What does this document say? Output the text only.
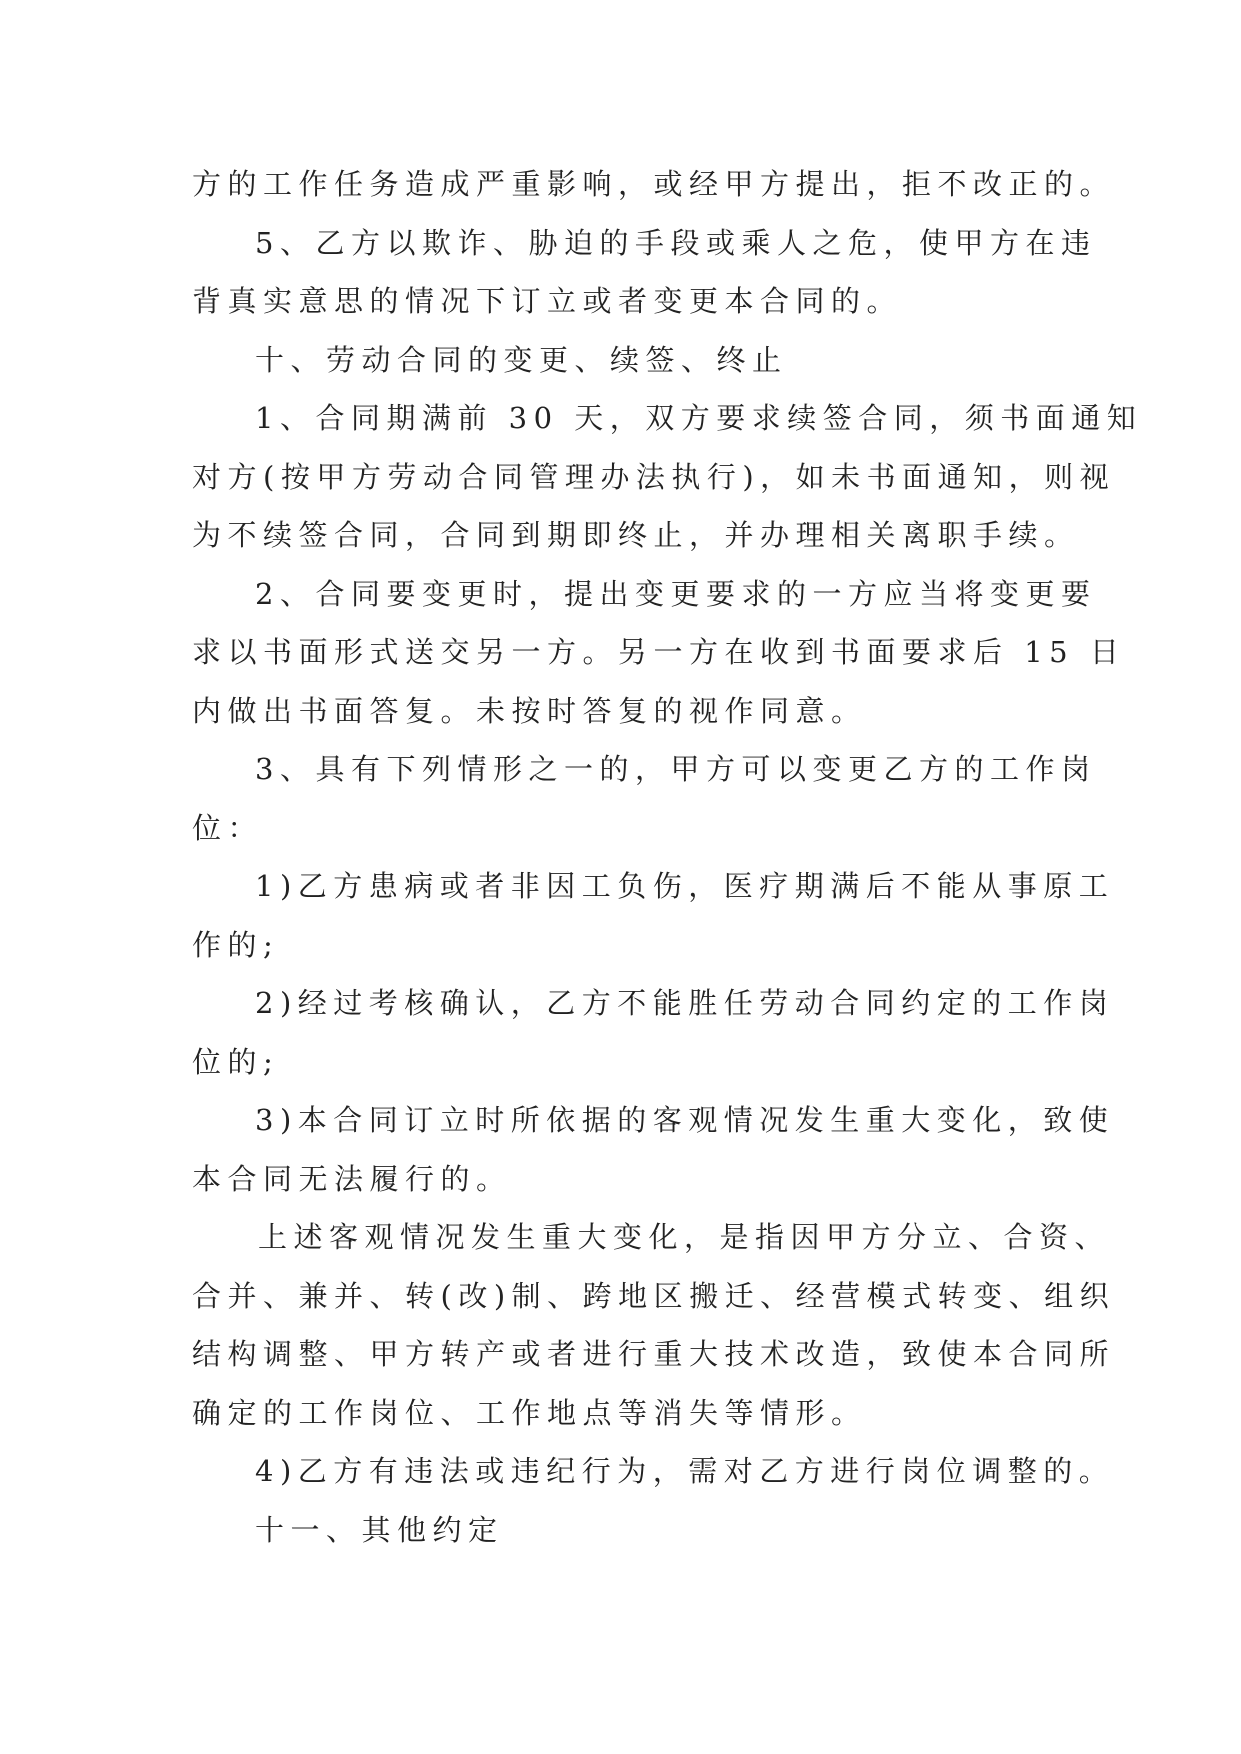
方的工作任务造成严重影响，或经甲方提出，拒不改正的。
5、乙方以欺诈、胁迫的手段或乘人之危，使甲方在违
背真实意思的情况下订立或者变更本合同的。
十、劳动合同的变更、续签、终止
1、合同期满前 30 天，双方要求续签合同，须书面通知
对方(按甲方劳动合同管理办法执行)，如未书面通知，则视
为不续签合同，合同到期即终止，并办理相关离职手续。
2、合同要变更时，提出变更要求的一方应当将变更要
求以书面形式送交另一方。另一方在收到书面要求后 15 日
内做出书面答复。未按时答复的视作同意。
3、具有下列情形之一的，甲方可以变更乙方的工作岗
位：
1)乙方患病或者非因工负伤，医疗期满后不能从事原工
作的;
2)经过考核确认，乙方不能胜任劳动合同约定的工作岗
位的;
3)本合同订立时所依据的客观情况发生重大变化，致使
本合同无法履行的。
上述客观情况发生重大变化，是指因甲方分立、合资、
合并、兼并、转(改)制、跨地区搬迁、经营模式转变、组织
结构调整、甲方转产或者进行重大技术改造，致使本合同所
确定的工作岗位、工作地点等消失等情形。
4)乙方有违法或违纪行为，需对乙方进行岗位调整的。
十一、其他约定
